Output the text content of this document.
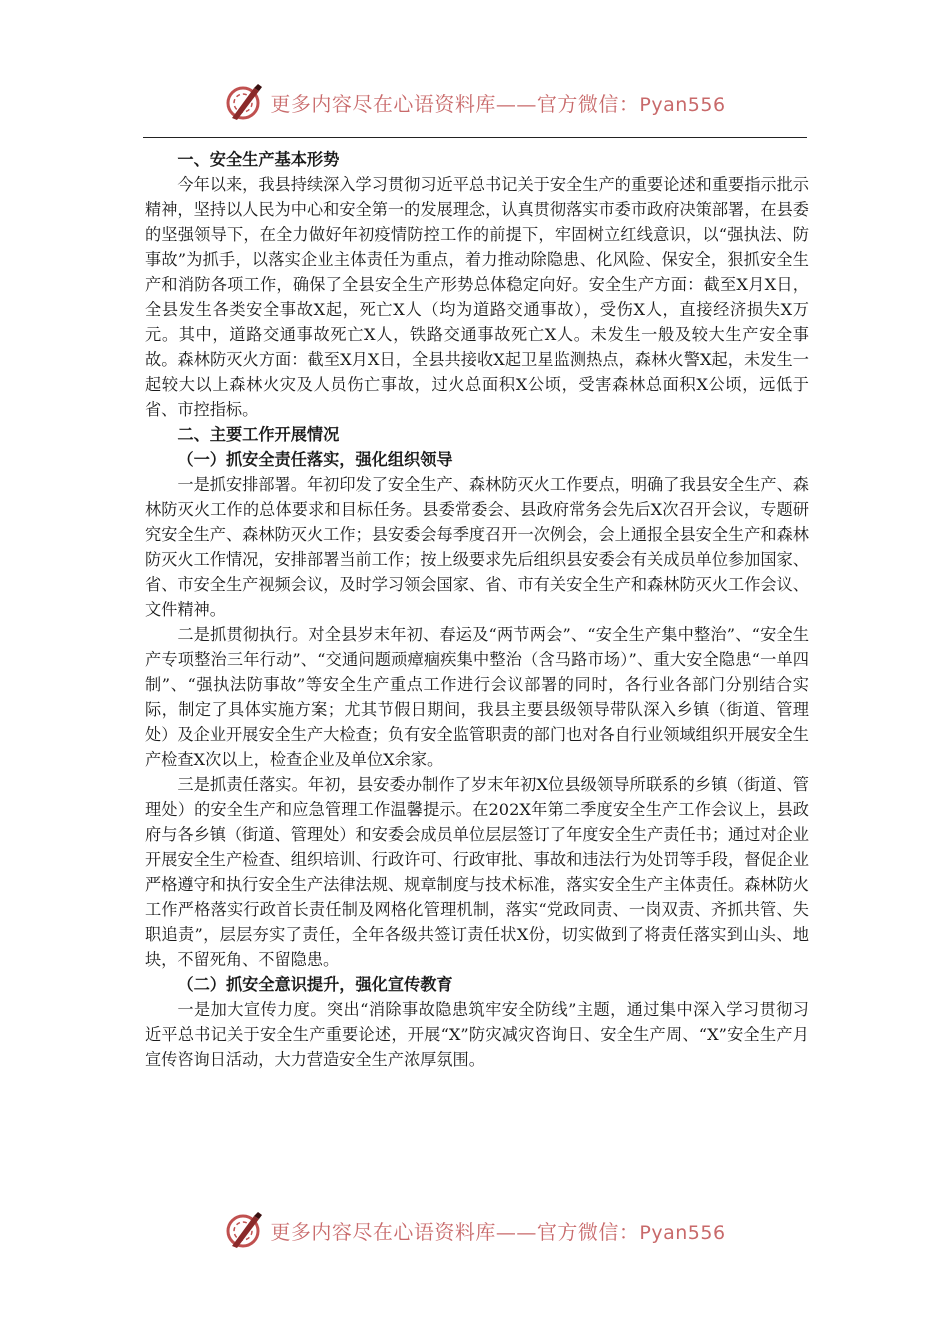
更多内容尽在心语资料库——官方微信：Pyan556
一、安全生产基本形势

今年以来，我县持续深入学习贯彻习近平总书记关于安全生产的重要论述和重要指示批示精神，坚持以人民为中心和安全第一的发展理念，认真贯彻落实市委市政府决策部署，在县委的坚强领导下，在全力做好年初疫情防控工作的前提下，牢固树立红线意识，以“强执法、防事故”为抓手，以落实企业主体责任为重点，着力推动除隐患、化风险、保安全，狠抓安全生产和消防各项工作，确保了全县安全生产形势总体稳定向好。安全生产方面：截至X月X日，全县发生各类安全事故X起，死亡X人（均为道路交通事故），受伤X人，直接经济损失X万元。其中，道路交通事故死亡X人，铁路交通事故死亡X人。未发生一般及较大生产安全事故。森林防灭火方面：截至X月X日，全县共接收X起卫星监测热点，森林火警X起，未发生一起较大以上森林火灾及人员伤亡事故，过火总面积X公顷，受害森林总面积X公顷，远低于省、市控指标。

二、主要工作开展情况
（一）抓安全责任落实，强化组织领导

一是抓安排部署。年初印发了安全生产、森林防灭火工作要点，明确了我县安全生产、森林防灭火工作的总体要求和目标任务。县委常委会、县政府常务会先后X次召开会议，专题研究安全生产、森林防灭火工作；县安委会每季度召开一次例会，会上通报全县安全生产和森林防灭火工作情况，安排部署当前工作；按上级要求先后组织县安委会有关成员单位参加国家、省、市安全生产视频会议，及时学习领会国家、省、市有关安全生产和森林防灭火工作会议、文件精神。

二是抓贯彻执行。对全县岁末年初、春运及“两节两会”、“安全生产集中整治”、“安全生产专项整治三年行动”、“交通问题顽瘴痼疾集中整治（含马路市场）”、重大安全隐患“一单四制”、“强执法防事故”等安全生产重点工作进行会议部署的同时，各行业各部门分别结合实际，制定了具体实施方案；尤其节假日期间，我县主要县级领导带队深入乡镇（街道、管理处）及企业开展安全生产大检查；负有安全监管职责的部门也对各自行业领域组织开展安全生产检查X次以上，检查企业及单位X余家。

三是抓责任落实。年初，县安委办制作了岁末年初X位县级领导所联系的乡镇（街道、管理处）的安全生产和应急管理工作温馨提示。在202X年第二季度安全生产工作会议上，县政府与各乡镇（街道、管理处）和安委会成员单位层层签订了年度安全生产责任书；通过对企业开展安全生产检查、组织培训、行政许可、行政审批、事故和违法行为处罚等手段，督促企业严格遵守和执行安全生产法律法规、规章制度与技术标准，落实安全生产主体责任。森林防火工作严格落实行政首长责任制及网格化管理机制，落实“党政同责、一岗双责、齐抓共管、失职追责”，层层夯实了责任，全年各级共签订责任状X份，切实做到了将责任落实到山头、地块，不留死角、不留隐患。

（二）抓安全意识提升，强化宣传教育

一是加大宣传力度。突出“消除事故隐患筑牢安全防线”主题，通过集中深入学习贯彻习近平总书记关于安全生产重要论述，开展“X”防灾减灾咨询日、安全生产周、“X”安全生产月宣传咨询日活动，大力营造安全生产浓厚氛围。

更多内容尽在心语资料库——官方微信：Pyan556
